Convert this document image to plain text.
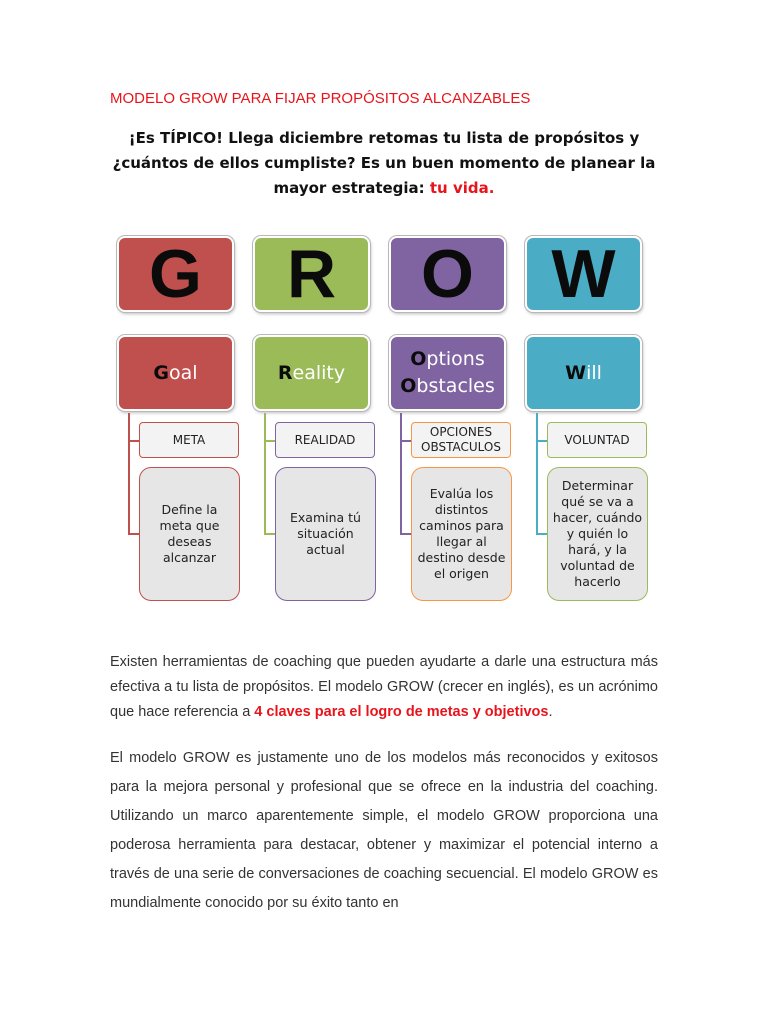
MODELO GROW PARA FIJAR PROPÓSITOS ALCANZABLES
¡Es TÍPICO! Llega diciembre retomas tu lista de propósitos y ¿cuántos de ellos cumpliste? Es un buen momento de planear la mayor estrategia: tu vida.
G
Goal
META
Define la meta que deseas alcanzar
R
Reality
REALIDAD
Examina tú situación actual
O
Options
Obstacles
OPCIONES OBSTACULOS
Evalúa los distintos caminos para llegar al destino desde el origen
W
Will
VOLUNTAD
Determinar qué se va a hacer, cuándo y quién lo hará, y la voluntad de hacerlo

Existen herramientas de coaching que pueden ayudarte a darle una estructura más efectiva a tu lista de propósitos. El modelo GROW (crecer en inglés), es un acrónimo que hace referencia a 4 claves para el logro de metas y objetivos.

El modelo GROW es justamente uno de los modelos más reconocidos y exitosos para la mejora personal y profesional que se ofrece en la industria del coaching. Utilizando un marco aparentemente simple, el modelo GROW proporciona una poderosa herramienta para destacar, obtener y maximizar el potencial interno a través de una serie de conversaciones de coaching secuencial. El modelo GROW es mundialmente conocido por su éxito tanto en
